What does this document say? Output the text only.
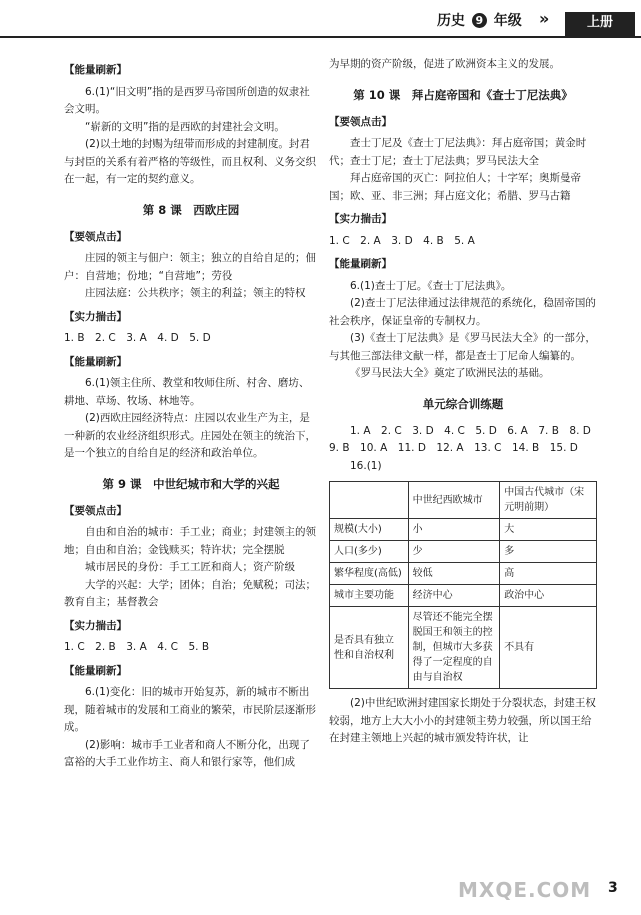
历史 9 年级 »	上册

【能量刷新】

6.(1)“旧文明”指的是西罗马帝国所创造的奴隶社会文明。

“崭新的文明”指的是西欧的封建社会文明。

(2)以土地的封赐为纽带而形成的封建制度。封君与封臣的关系有着严格的等级性，而且权利、义务交织在一起，有一定的契约意义。

第 8 课　西欧庄园

【要领点击】

庄园的领主与佃户：领主；独立的自给自足的；佃户：自营地；份地；“自营地”；劳役

庄园法庭：公共秩序；领主的利益；领主的特权

【实力揣击】

1. B　2. C　3. A　4. D　5. D

【能量刷新】

6.(1)领主住所、教堂和牧师住所、村舍、磨坊、耕地、草场、牧场、林地等。

(2)西欧庄园经济特点：庄园以农业生产为主，是一种新的农业经济组织形式。庄园处在领主的统治下，是一个独立的自给自足的经济和政治单位。

第 9 课　中世纪城市和大学的兴起

【要领点击】

自由和自治的城市：手工业；商业；封建领主的领地；自由和自治；金钱赎买；特许状；完全摆脱

城市居民的身份：手工工匠和商人；资产阶级

大学的兴起：大学；团体；自治；免赋税；司法；教育自主；基督教会

【实力揣击】

1. C　2. B　3. A　4. C　5. B

【能量刷新】

6.(1)变化：旧的城市开始复苏，新的城市不断出现，随着城市的发展和工商业的繁荣，市民阶层逐渐形成。

(2)影响：城市手工业者和商人不断分化，出现了富裕的大手工业作坊主、商人和银行家等，他们成

为早期的资产阶级，促进了欧洲资本主义的发展。

第 10 课　拜占庭帝国和《查士丁尼法典》

【要领点击】

查士丁尼及《查士丁尼法典》：拜占庭帝国；黄金时代；查士丁尼；查士丁尼法典；罗马民法大全

拜占庭帝国的灭亡：阿拉伯人；十字军；奥斯曼帝国；欧、亚、非三洲；拜占庭文化；希腊、罗马古籍

【实力揣击】

1. C　2. A　3. D　4. B　5. A

【能量刷新】

6.(1)查士丁尼。《查士丁尼法典》。

(2)查士丁尼法律通过法律规范的系统化，稳固帝国的社会秩序，保证皇帝的专制权力。

(3)《查士丁尼法典》是《罗马民法大全》的一部分，与其他三部法律文献一样，都是查士丁尼命人编纂的。

《罗马民法大全》奠定了欧洲民法的基础。

单元综合训练题

1. A　2. C　3. D　4. C　5. D　6. A　7. B　8. D

9. B　10. A　11. D　12. A　13. C　14. B　15. D

16.(1)

	中世纪西欧城市	中国古代城市（宋元明前期）
规模(大小)	小	大
人口(多少)	少	多
繁华程度(高低)	较低	高
城市主要功能	经济中心	政治中心
是否具有独立性和自治权利	尽管还不能完全摆脱国王和领主的控制，但城市大多获得了一定程度的自由与自治权	不具有

(2)中世纪欧洲封建国家长期处于分裂状态，封建王权较弱，地方上大大小小的封建领主势力较强，所以国王给在封建主领地上兴起的城市颁发特许状，让

MXQE.COM 3
